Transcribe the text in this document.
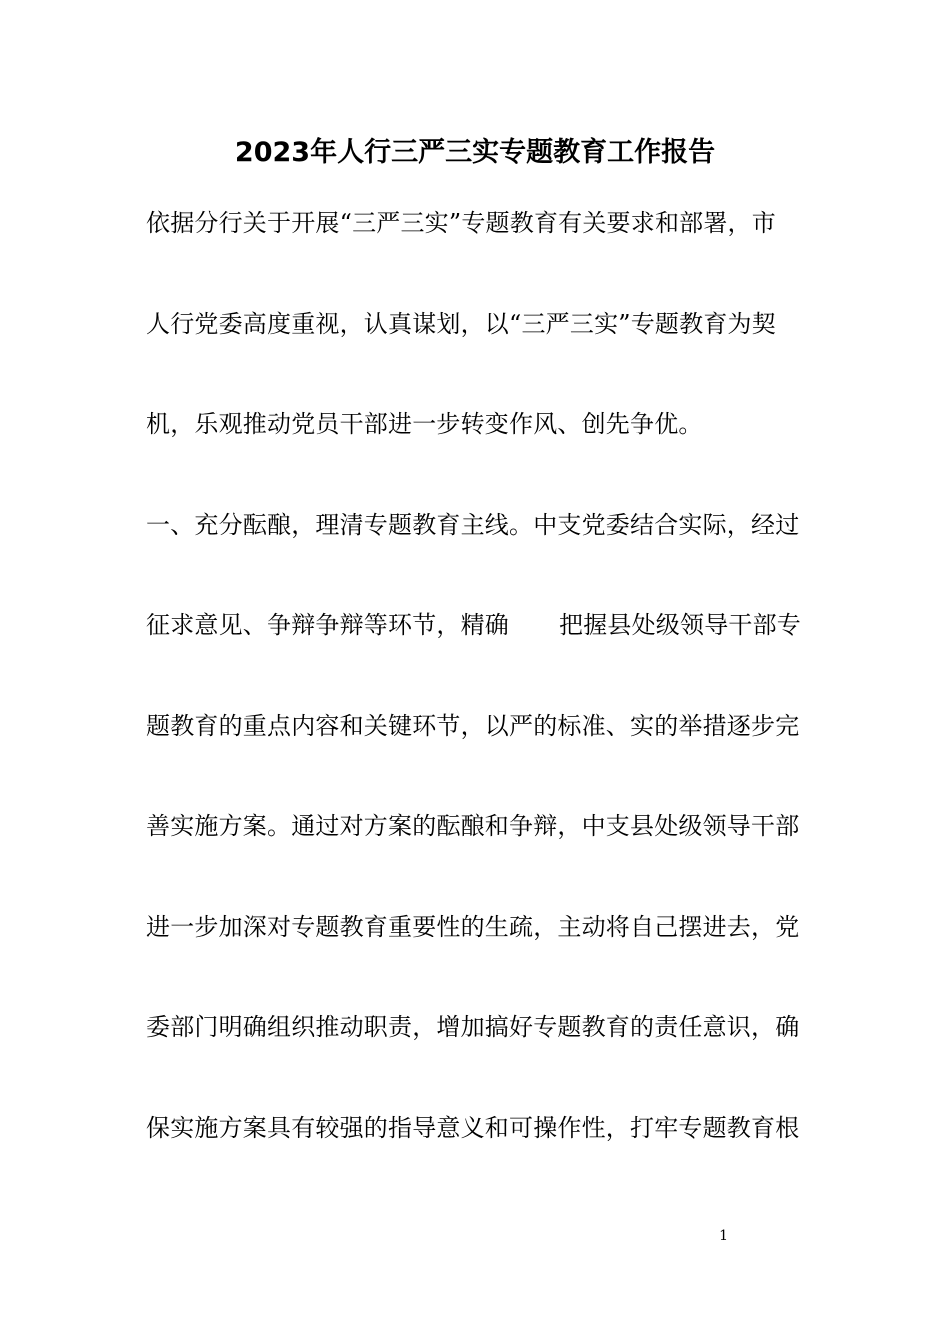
2023年人行三严三实专题教育工作报告
依据分行关于开展“三严三实”专题教育有关要求和部署，市
人行党委高度重视，认真谋划，以“三严三实”专题教育为契
机，乐观推动党员干部进一步转变作风、创先争优。
一、充分酝酿，理清专题教育主线。中支党委结合实际，经过
征求意见、争辩争辩等环节，精确 把握县处级领导干部专
题教育的重点内容和关键环节，以严的标准、实的举措逐步完
善实施方案。通过对方案的酝酿和争辩，中支县处级领导干部
进一步加深对专题教育重要性的生疏，主动将自己摆进去，党
委部门明确组织推动职责，增加搞好专题教育的责任意识，确
保实施方案具有较强的指导意义和可操作性，打牢专题教育根
1
